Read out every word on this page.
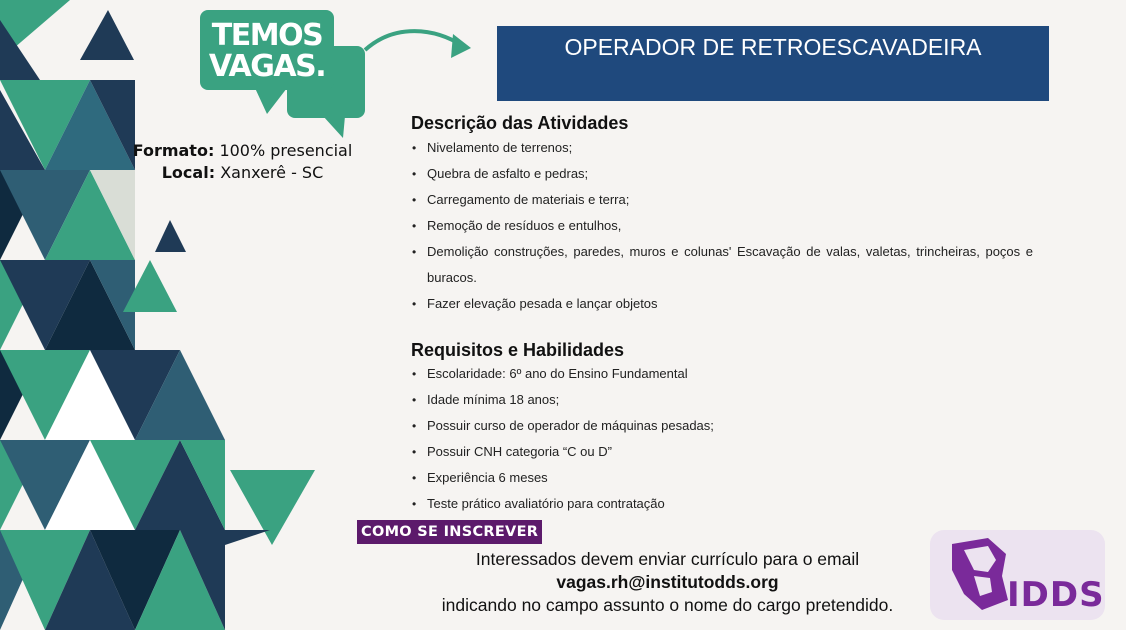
TEMOS
VAGAS.
Formato: 100% presencial
Local: Xanxerê - SC
OPERADOR DE RETROESCAVADEIRA
Descrição das Atividades
• Nivelamento de terrenos;
• Quebra de asfalto e pedras;
• Carregamento de materiais e terra;
• Remoção de resíduos e entulhos,
• Demolição construções, paredes, muros e colunas' Escavação de valas, valetas, trincheiras, poços e buracos.
• Fazer elevação pesada e lançar objetos
Requisitos e Habilidades
• Escolaridade: 6º ano do Ensino Fundamental
• Idade mínima 18 anos;
• Possuir curso de operador de máquinas pesadas;
• Possuir CNH categoria “C ou D”
• Experiência 6 meses
• Teste prático avaliatório para contratação
COMO SE INSCREVER
Interessados devem enviar currículo para o email
vagas.rh@institutodds.org
indicando no campo assunto o nome do cargo pretendido.	IDDS
